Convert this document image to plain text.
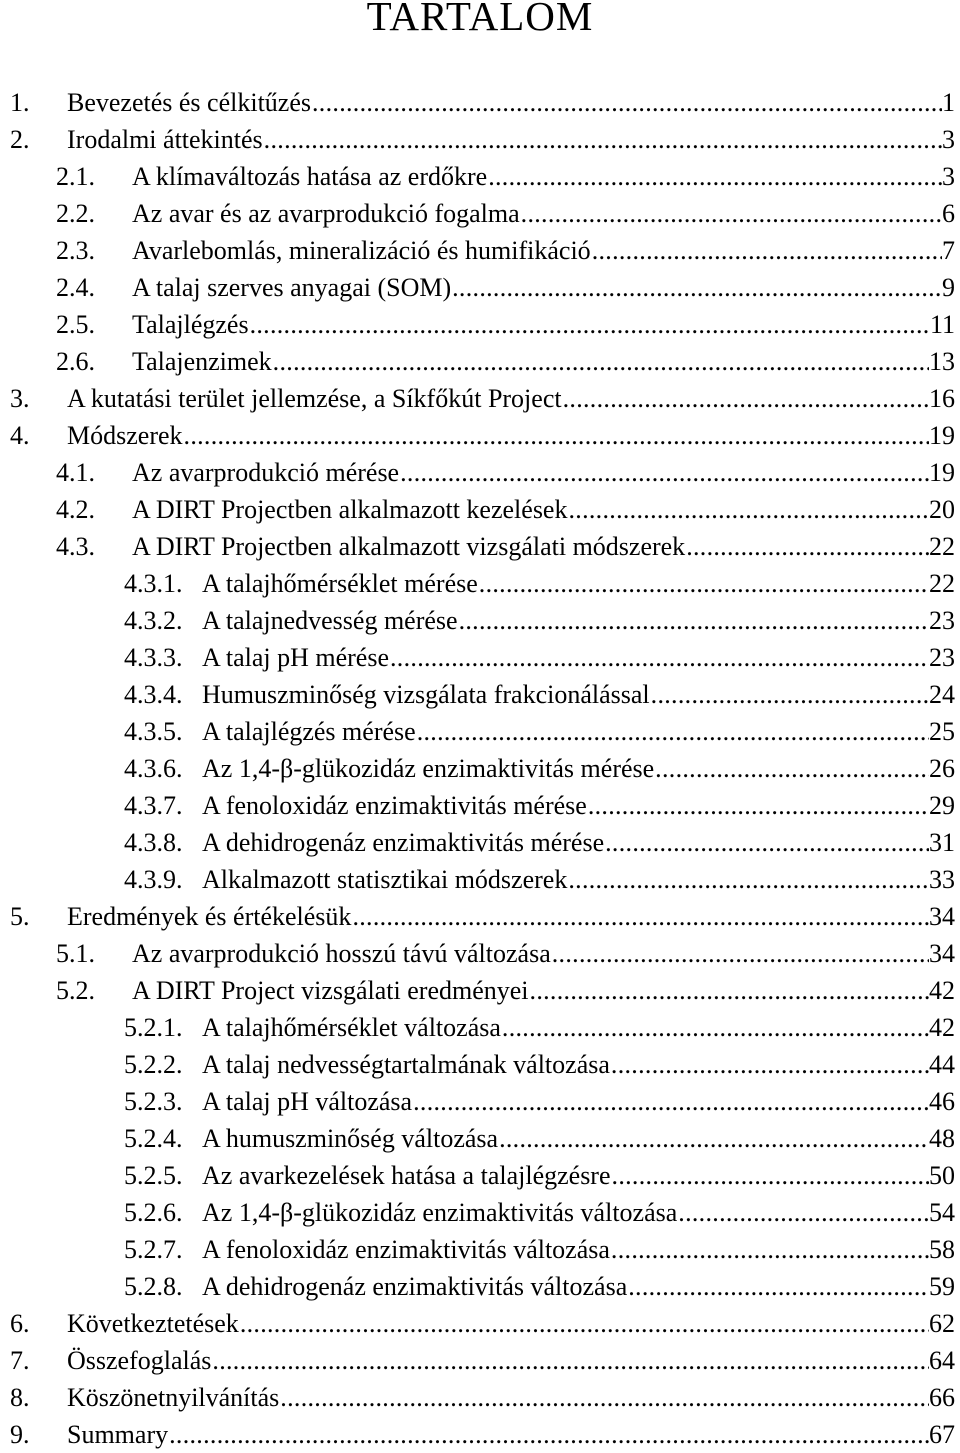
TARTALOM
1. Bevezetés és célkitűzés .....	1
2. Irodalmi áttekintés .....	3
2.1. A klímaváltozás hatása az erdőkre .....	3
2.2. Az avar és az avarprodukció fogalma .....	6
2.3. Avarlebomlás, mineralizáció és humifikáció .....	7
2.4. A talaj szerves anyagai (SOM) .....	9
2.5. Talajlégzés .....	11
2.6. Talajenzimek .....	13
3. A kutatási terület jellemzése, a Síkfőkút Project .....	16
4. Módszerek .....	19
4.1. Az avarprodukció mérése .....	19
4.2. A DIRT Projectben alkalmazott kezelések .....	20
4.3. A DIRT Projectben alkalmazott vizsgálati módszerek .....	22
4.3.1. A talajhőmérséklet mérése .....	22
4.3.2. A talajnedvesség mérése .....	23
4.3.3. A talaj pH mérése .....	23
4.3.4. Humuszminőség vizsgálata frakcionálással .....	24
4.3.5. A talajlégzés mérése .....	25
4.3.6. Az 1,4-β-glükozidáz enzimaktivitás mérése .....	26
4.3.7. A fenoloxidáz enzimaktivitás mérése .....	29
4.3.8. A dehidrogenáz enzimaktivitás mérése .....	31
4.3.9. Alkalmazott statisztikai módszerek .....	33
5. Eredmények és értékelésük .....	34
5.1. Az avarprodukció hosszú távú változása .....	34
5.2. A DIRT Project vizsgálati eredményei .....	42
5.2.1. A talajhőmérséklet változása .....	42
5.2.2. A talaj nedvességtartalmának változása .....	44
5.2.3. A talaj pH változása .....	46
5.2.4. A humuszminőség változása .....	48
5.2.5. Az avarkezelések hatása a talajlégzésre .....	50
5.2.6. Az 1,4-β-glükozidáz enzimaktivitás változása .....	54
5.2.7. A fenoloxidáz enzimaktivitás változása .....	58
5.2.8. A dehidrogenáz enzimaktivitás változása .....	59
6. Következtetések .....	62
7. Összefoglalás .....	64
8. Köszönetnyilvánítás .....	66
9. Summary .....	67
